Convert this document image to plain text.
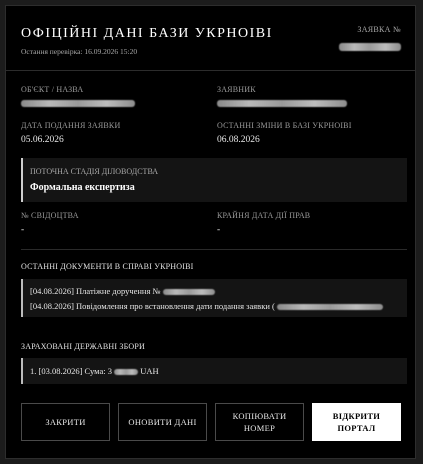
ОФІЦІЙНІ ДАНІ БАЗИ УКРНОІВІ
Остання перевірка: 16.09.2026 15:20
ЗАЯВКА №
ОБ'ЄКТ / НАЗВА	ЗАЯВНИК
ДАТА ПОДАННЯ ЗАЯВКИ
05.06.2026
ОСТАННІ ЗМІНИ В БАЗІ УКРНОІВІ
06.08.2026
ПОТОЧНА СТАДІЯ ДІЛОВОДСТВА
Формальна експертиза
№ СВІДОЦТВА
-
КРАЙНЯ ДАТА ДІЇ ПРАВ
-
ОСТАННІ ДОКУМЕНТИ В СПРАВІ УКРНОІВІ
[04.08.2026] Платіжне доручення №
[04.08.2026] Повідомлення про встановлення дати подання заявки (
ЗАРАХОВАНІ ДЕРЖАВНІ ЗБОРИ
1. [03.08.2026] Сума: 3	UAH
ЗАКРИТИ	ОНОВИТИ ДАНІ
КОПІЮВАТИ НОМЕР
ВІДКРИТИ ПОРТАЛ
